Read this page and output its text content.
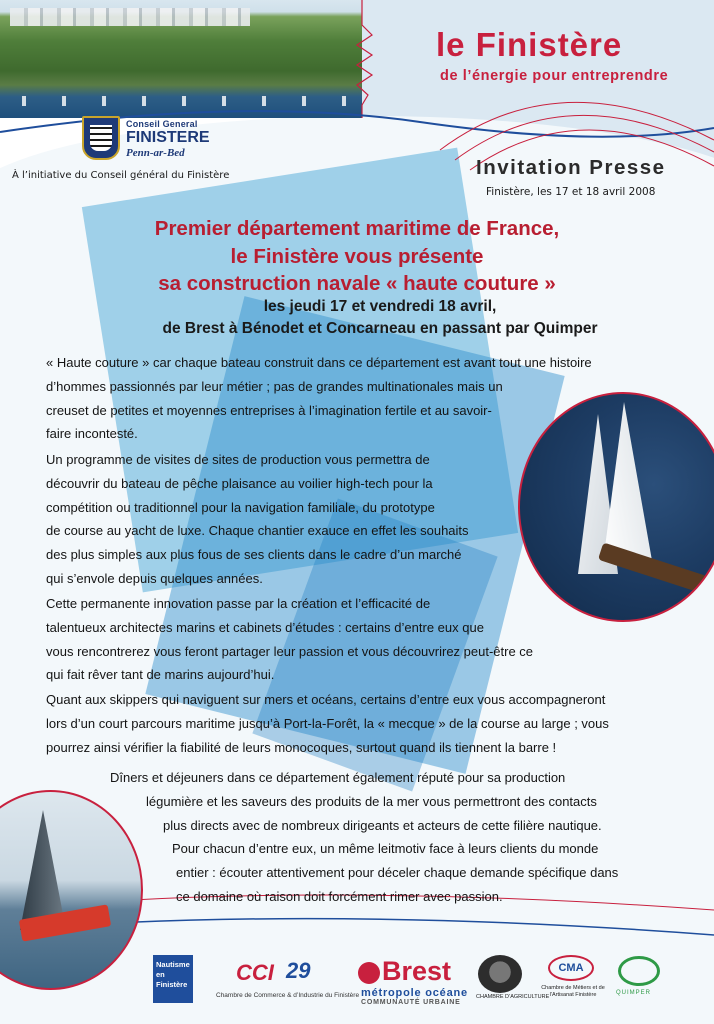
le Finistère
de l’énergie pour entreprendre
Conseil General
FINISTERE
Penn-ar-Bed
À l’initiative du Conseil général du Finistère	Invitation Presse
Finistère, les 17 et 18 avril 2008
Premier département maritime de France,
le Finistère vous présente
sa construction navale « haute couture »
les jeudi 17 et vendredi 18 avril,
de Brest à Bénodet et Concarneau en passant par Quimper
« Haute couture » car chaque bateau construit dans ce département est avant tout une histoire
d’hommes passionnés par leur métier ; pas de grandes multinationales mais un
creuset de petites et moyennes entreprises à l’imagination fertile et au savoir-
faire incontesté.
Un programme de visites de sites de production vous permettra de
découvrir du bateau de pêche plaisance au voilier high-tech pour la
compétition ou traditionnel pour la navigation familiale, du prototype
de course au yacht de luxe. Chaque chantier exauce en effet les souhaits
des plus simples aux plus fous de ses clients dans le cadre d’un marché
qui s’envole depuis quelques années.
Cette permanente innovation passe par la création et l’efficacité de
talentueux architectes marins et cabinets d’études : certains d’entre eux que
vous rencontrerez vous feront partager leur passion et vous découvrirez peut-être ce
qui fait rêver tant de marins aujourd’hui.
Quant aux skippers qui naviguent sur mers et océans, certains d’entre eux vous accompagneront
lors d’un court parcours maritime jusqu’à Port-la-Forêt, la « mecque » de la course au large ; vous
pourrez ainsi vérifier la fiabilité de leurs monocoques, surtout quand ils tiennent la barre !
Dîners et déjeuners dans ce département également réputé pour sa production
légumière et les saveurs des produits de la mer vous permettront des contacts
plus directs avec de nombreux dirigeants et acteurs de cette filière nautique.
Pour chacun d’entre eux, un même leitmotiv face à leurs clients du monde
entier : écouter attentivement pour déceler chaque demande spécifique dans
ce domaine où raison doit forcément rimer avec passion.
Nautisme
en
Finistère CCI 29
Chambre de Commerce & d’Industrie du Finistère
Brest
métropole océane
COMMUNAUTÉ URBAINE
CHAMBRE D’AGRICULTURE
CMA
Chambre de Métiers et de l’Artisanat Finistère	QUIMPER
